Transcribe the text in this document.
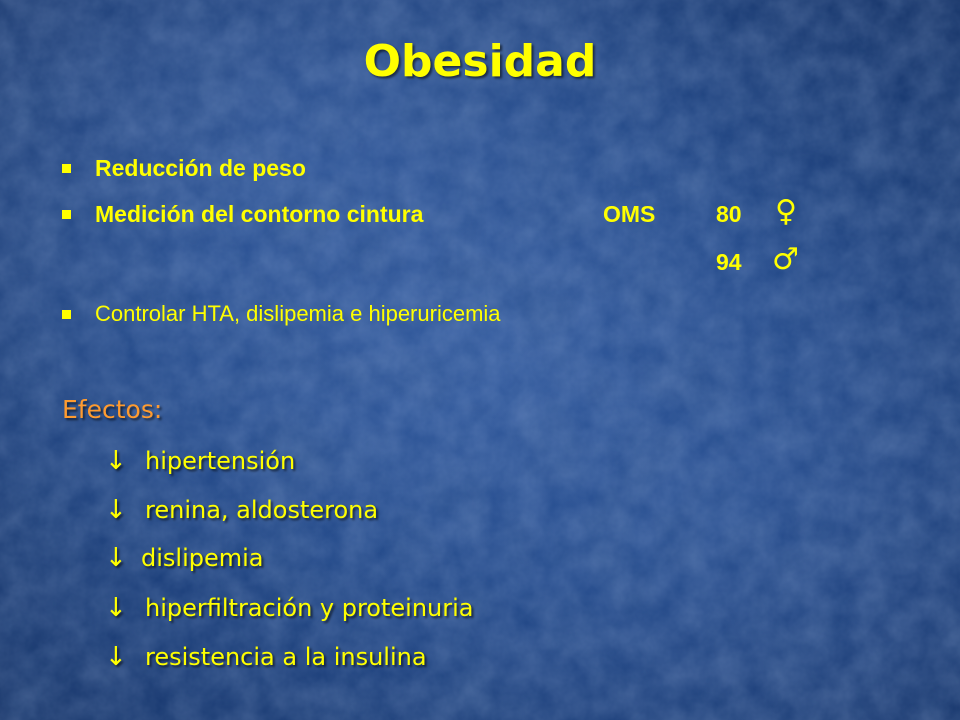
Obesidad
Reducción de peso
Medición del contorno cintura	OMS	80 ♀
94 ♂
Controlar HTA, dislipemia e hiperuricemia
Efectos:
↓ hipertensión
↓ renina, aldosterona
↓ dislipemia
↓ hiperfiltración y proteinuria
↓ resistencia a la insulina
